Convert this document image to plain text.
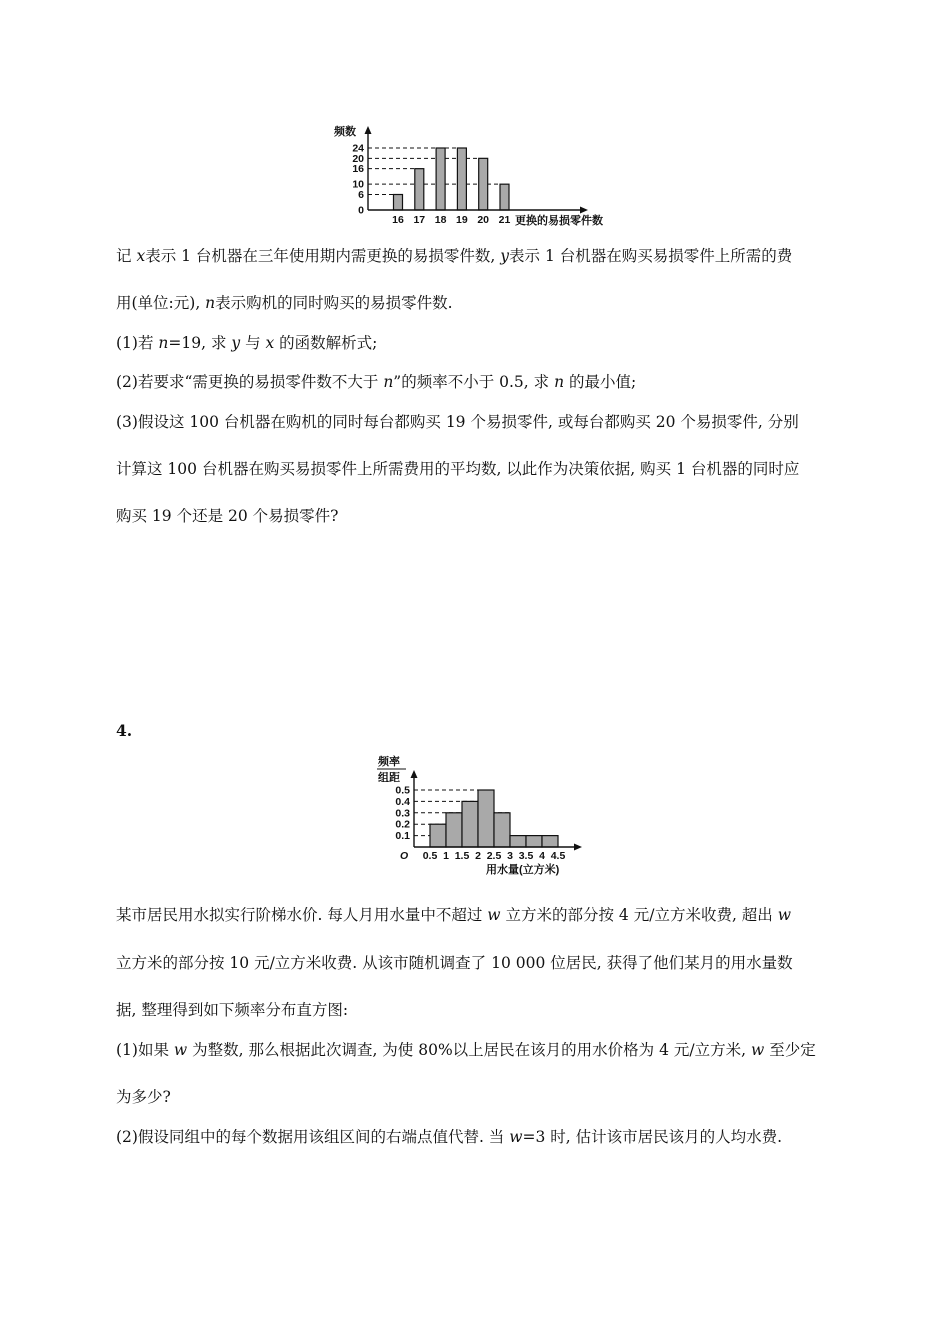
频数
0
6
10
16
20
24
16 17 18 19 20 21 更换的易损零件数
记 x表示 1 台机器在三年使用期内需更换的易损零件数, y表示 1 台机器在购买易损零件上所需的费
用(单位:元), n表示购机的同时购买的易损零件数.
(1)若 n=19, 求 y 与 x 的函数解析式;
(2)若要求“需更换的易损零件数不大于 n”的频率不小于 0.5, 求 n 的最小值;
(3)假设这 100 台机器在购机的同时每台都购买 19 个易损零件, 或每台都购买 20 个易损零件, 分别
计算这 100 台机器在购买易损零件上所需费用的平均数, 以此作为决策依据, 购买 1 台机器的同时应
购买 19 个还是 20 个易损零件?
4.
频率
组距
0.1
0.2
0.3
0.4
0.5
0.5 1 1.5 2 2.5 3 3.5 4 4.5
O
用水量(立方米)
某市居民用水拟实行阶梯水价. 每人月用水量中不超过 w 立方米的部分按 4 元/立方米收费, 超出 w
立方米的部分按 10 元/立方米收费. 从该市随机调查了 10 000 位居民, 获得了他们某月的用水量数
据, 整理得到如下频率分布直方图:
(1)如果 w 为整数, 那么根据此次调查, 为使 80%以上居民在该月的用水价格为 4 元/立方米, w 至少定
为多少?
(2)假设同组中的每个数据用该组区间的右端点值代替. 当 w=3 时, 估计该市居民该月的人均水费.
